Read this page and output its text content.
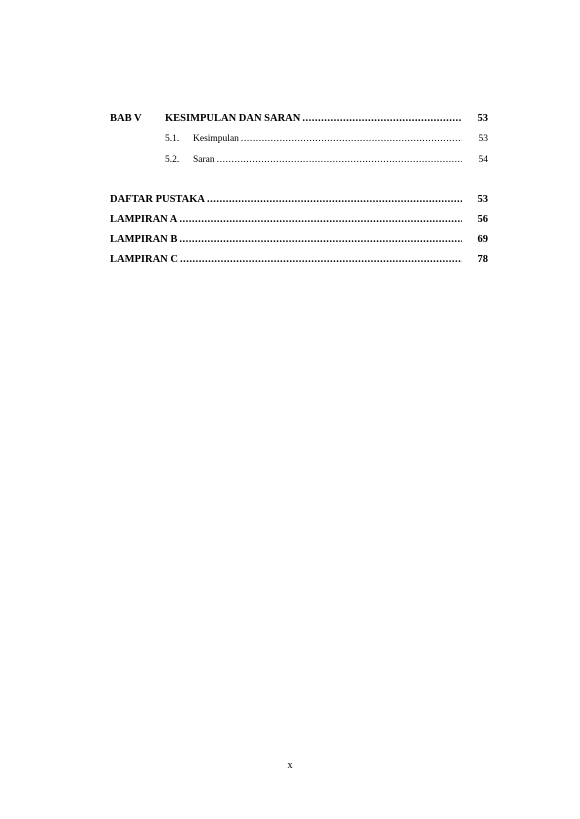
BAB V	KESIMPULAN DAN SARAN .....	53
5.1.	Kesimpulan .....	53
5.2.	Saran .....	54
DAFTAR PUSTAKA .....	53
LAMPIRAN A .....	56
LAMPIRAN B .....	69
LAMPIRAN C .....	78
x
